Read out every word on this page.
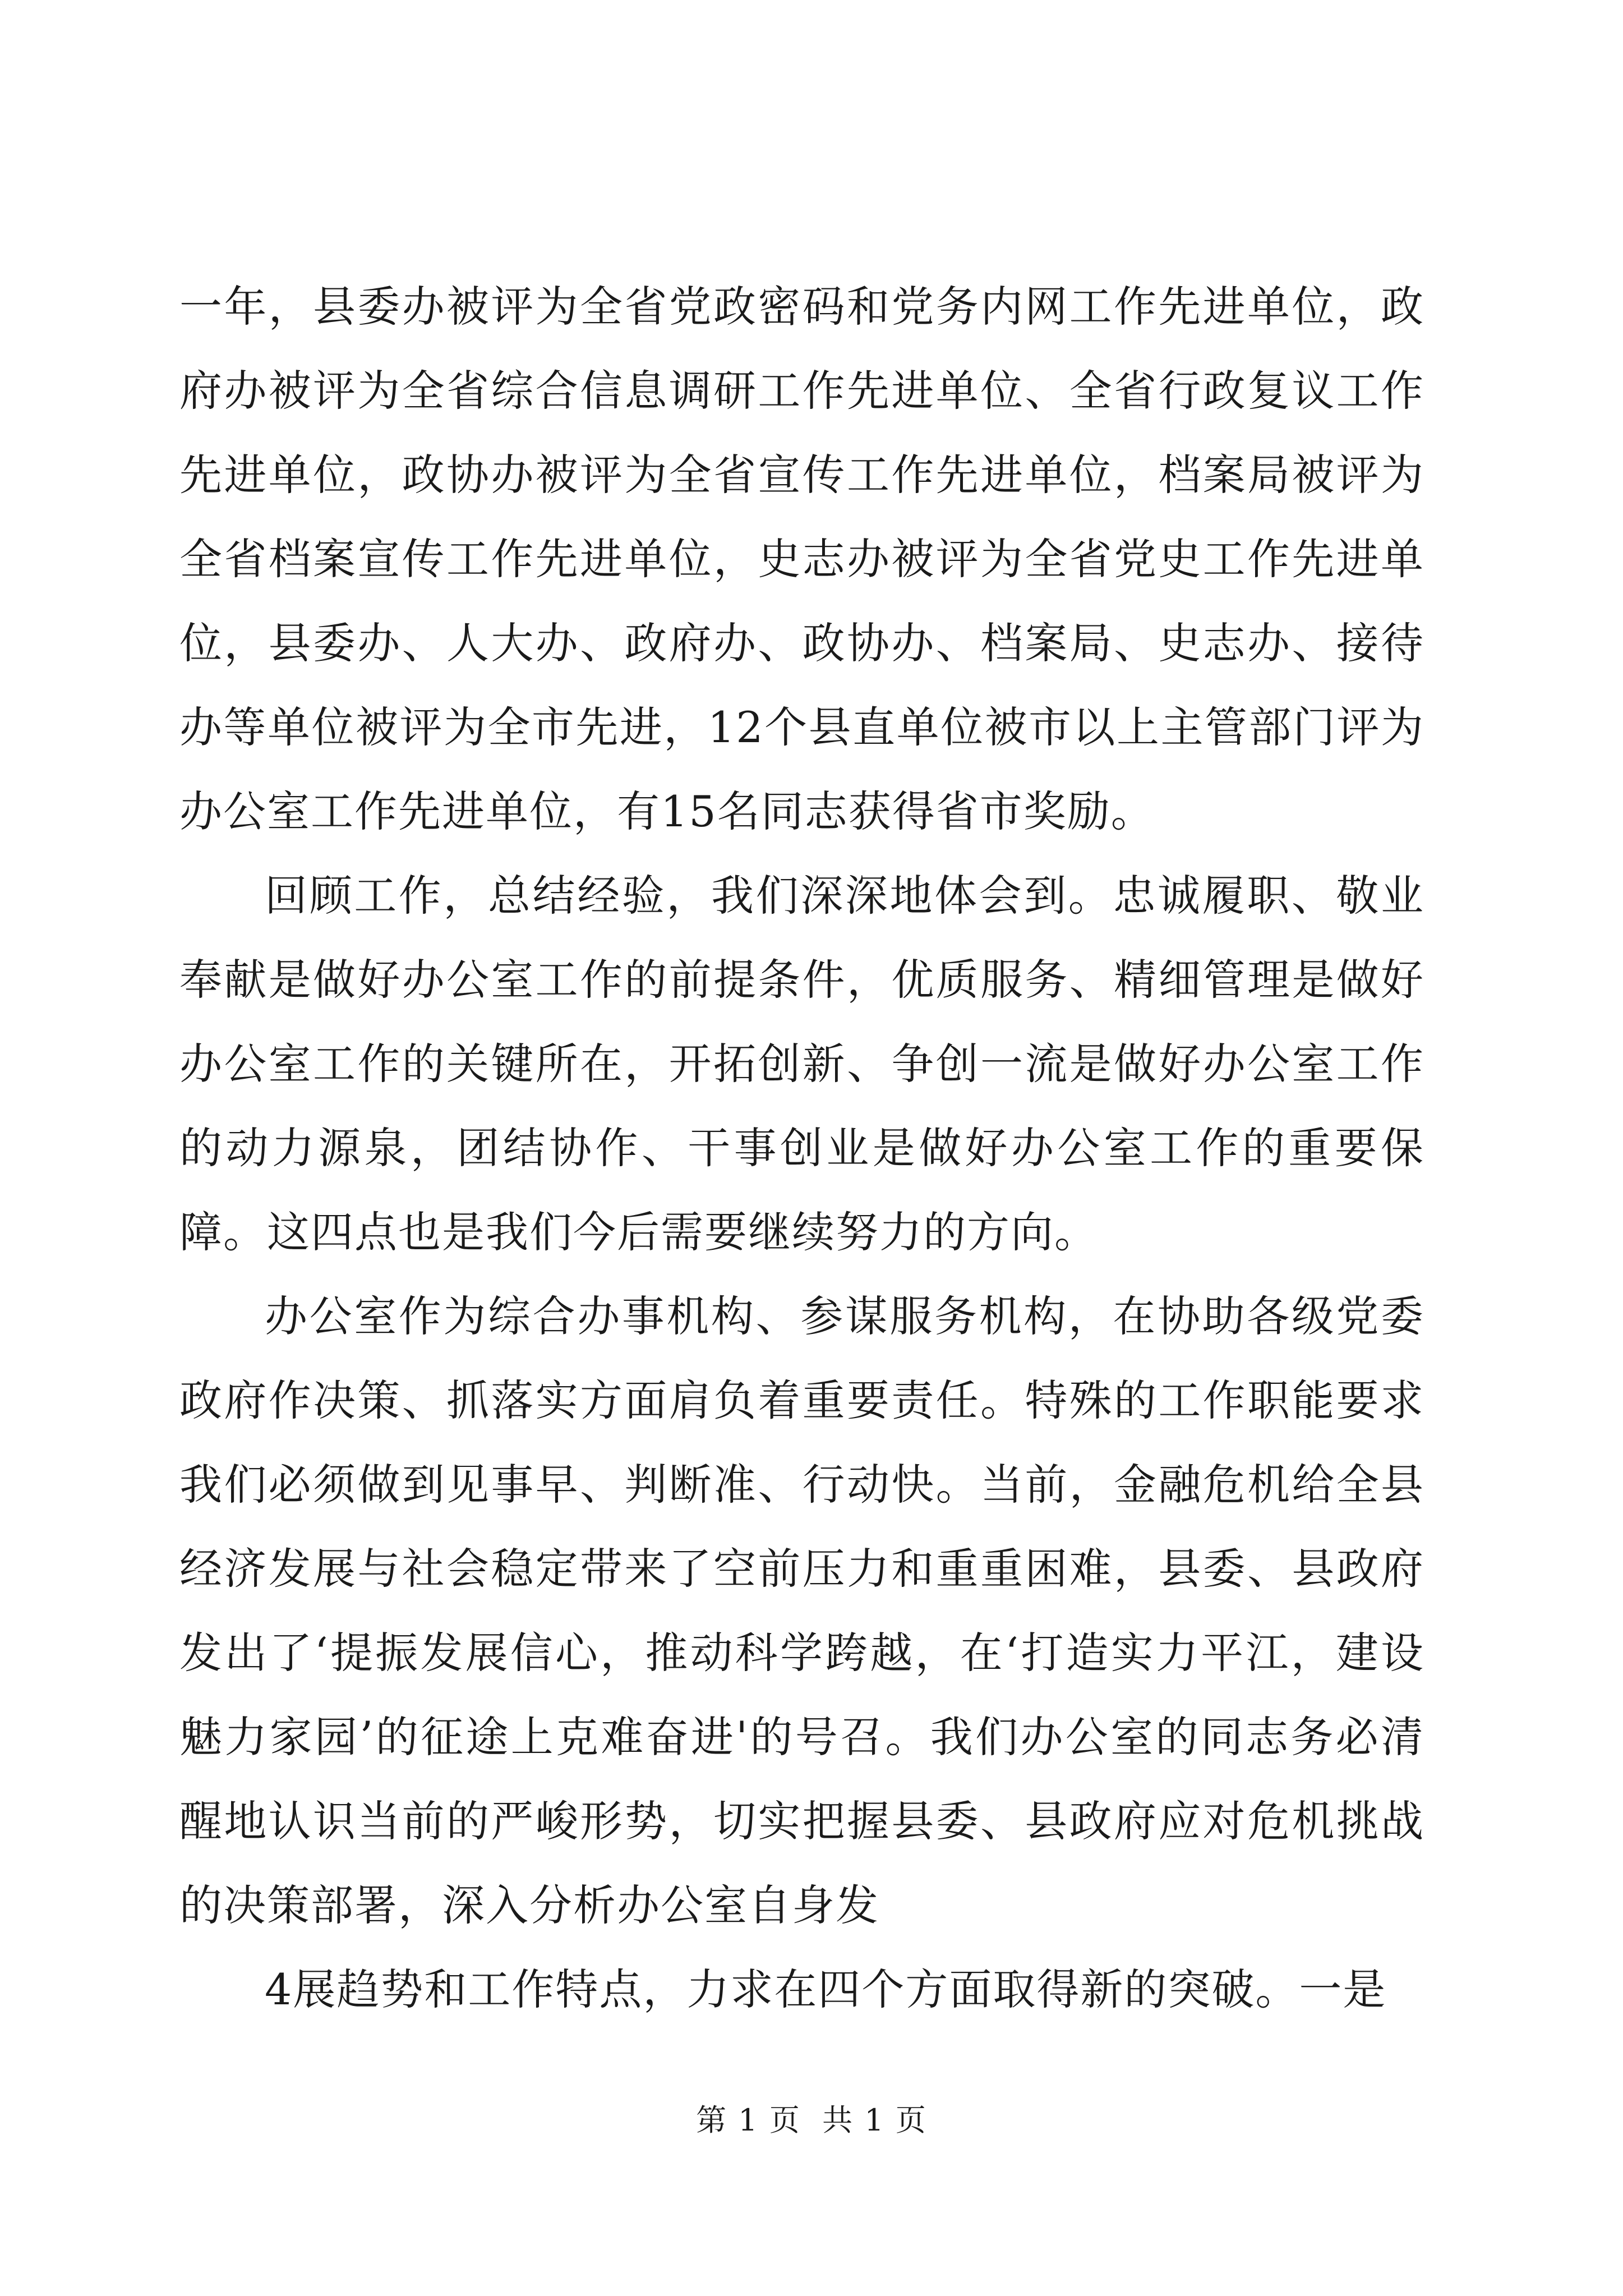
一年，县委办被评为全省党政密码和党务内网工作先进单位，政府办被评为全省综合信息调研工作先进单位、全省行政复议工作先进单位，政协办被评为全省宣传工作先进单位，档案局被评为全省档案宣传工作先进单位，史志办被评为全省党史工作先进单位，县委办、人大办、政府办、政协办、档案局、史志办、接待办等单位被评为全市先进，12个县直单位被市以上主管部门评为办公室工作先进单位，有15名同志获得省市奖励。

回顾工作，总结经验，我们深深地体会到。忠诚履职、敬业奉献是做好办公室工作的前提条件，优质服务、精细管理是做好办公室工作的关键所在，开拓创新、争创一流是做好办公室工作的动力源泉，团结协作、干事创业是做好办公室工作的重要保障。这四点也是我们今后需要继续努力的方向。

办公室作为综合办事机构、参谋服务机构，在协助各级党委政府作决策、抓落实方面肩负着重要责任。特殊的工作职能要求我们必须做到见事早、判断准、行动快。当前，金融危机给全县经济发展与社会稳定带来了空前压力和重重困难，县委、县政府发出了‘提振发展信心，推动科学跨越，在‘打造实力平江，建设魅力家园’的征途上克难奋进'的号召。我们办公室的同志务必清醒地认识当前的严峻形势，切实把握县委、县政府应对危机挑战的决策部署，深入分析办公室自身发

4展趋势和工作特点，力求在四个方面取得新的突破。一是

第 1 页  共 1 页
